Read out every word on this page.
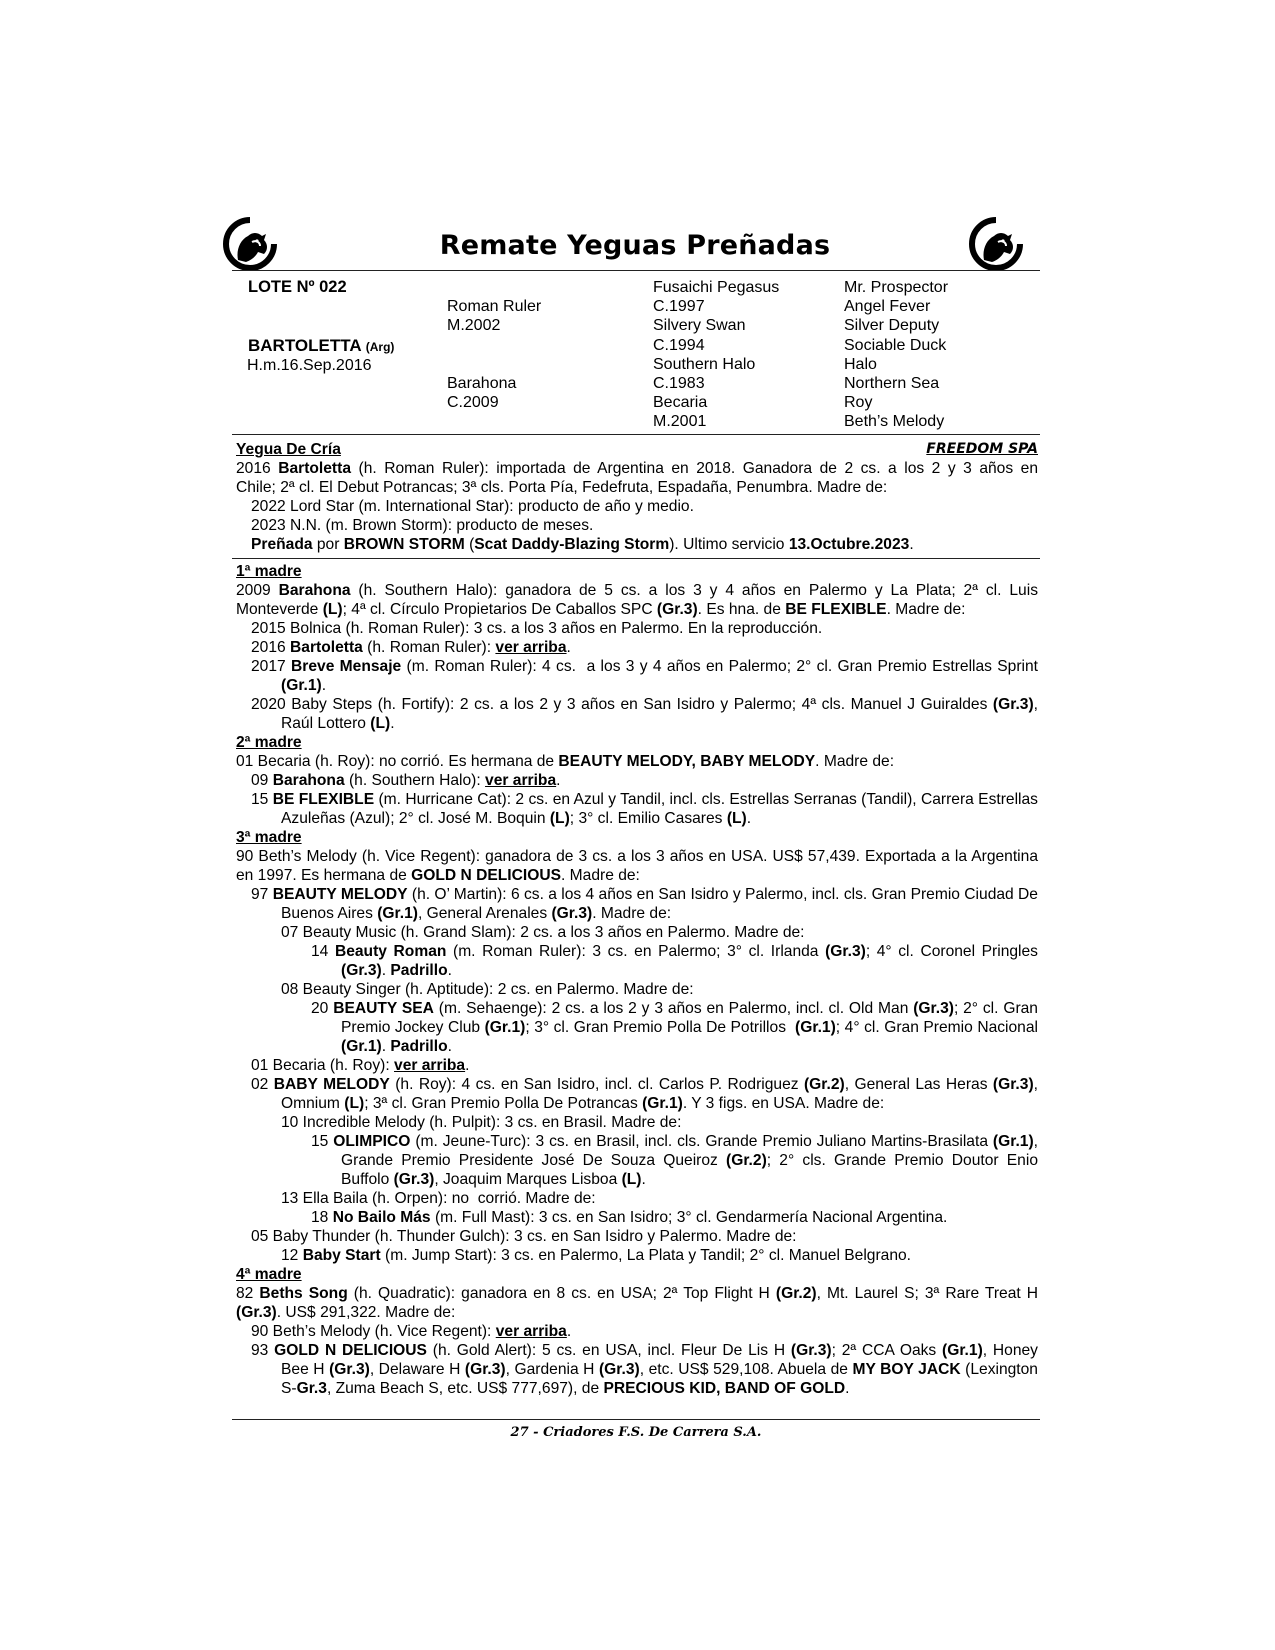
Remate Yeguas Preñadas
LOTE Nº 022
BARTOLETTA (Arg)
H.m.16.Sep.2016
Roman Ruler
M.2002
Barahona
C.2009
Fusaichi Pegasus
C.1997
Silvery Swan
C.1994
Southern Halo
C.1983
Becaria
M.2001
Mr. Prospector
Angel Fever
Silver Deputy
Sociable Duck
Halo
Northern Sea
Roy
Beth’s Melody
Yegua De Cría	FREEDOM SPA
2016 Bartoletta (h. Roman Ruler): importada de Argentina en 2018. Ganadora de 2 cs. a los 2 y 3 años en
Chile; 2ª cl. El Debut Potrancas; 3ª cls. Porta Pía, Fedefruta, Espadaña, Penumbra. Madre de:
2022 Lord Star (m. International Star): producto de año y medio.
2023 N.N. (m. Brown Storm): producto de meses.
Preñada por BROWN STORM (Scat Daddy-Blazing Storm). Ultimo servicio 13.Octubre.2023.
1ª madre
2009 Barahona (h. Southern Halo): ganadora de 5 cs. a los 3 y 4 años en Palermo y La Plata; 2ª cl. Luis
Monteverde (L); 4ª cl. Círculo Propietarios De Caballos SPC (Gr.3). Es hna. de BE FLEXIBLE. Madre de:
2015 Bolnica (h. Roman Ruler): 3 cs. a los 3 años en Palermo. En la reproducción.
2016 Bartoletta (h. Roman Ruler): ver arriba.
2017 Breve Mensaje (m. Roman Ruler): 4 cs.  a los 3 y 4 años en Palermo; 2° cl. Gran Premio Estrellas Sprint (Gr.1).
2020 Baby Steps (h. Fortify): 2 cs. a los 2 y 3 años en San Isidro y Palermo; 4ª cls. Manuel J Guiraldes (Gr.3), Raúl Lottero (L).
2ª madre
01 Becaria (h. Roy): no corrió. Es hermana de BEAUTY MELODY, BABY MELODY. Madre de:
09 Barahona (h. Southern Halo): ver arriba.
15 BE FLEXIBLE (m. Hurricane Cat): 2 cs. en Azul y Tandil, incl. cls. Estrellas Serranas (Tandil), Carrera Estrellas Azuleñas (Azul); 2° cl. José M. Boquin (L); 3° cl. Emilio Casares (L).
3ª madre
90 Beth’s Melody (h. Vice Regent): ganadora de 3 cs. a los 3 años en USA. US$ 57,439. Exportada a la Argentina en 1997. Es hermana de GOLD N DELICIOUS. Madre de:
97 BEAUTY MELODY (h. O’ Martin): 6 cs. a los 4 años en San Isidro y Palermo, incl. cls. Gran Premio Ciudad De Buenos Aires (Gr.1), General Arenales (Gr.3). Madre de:
07 Beauty Music (h. Grand Slam): 2 cs. a los 3 años en Palermo. Madre de:
14 Beauty Roman (m. Roman Ruler): 3 cs. en Palermo; 3° cl. Irlanda (Gr.3); 4° cl. Coronel Pringles (Gr.3). Padrillo.
08 Beauty Singer (h. Aptitude): 2 cs. en Palermo. Madre de:
20 BEAUTY SEA (m. Sehaenge): 2 cs. a los 2 y 3 años en Palermo, incl. cl. Old Man (Gr.3); 2° cl. Gran Premio Jockey Club (Gr.1); 3° cl. Gran Premio Polla De Potrillos  (Gr.1); 4° cl. Gran Premio Nacional (Gr.1). Padrillo.
01 Becaria (h. Roy): ver arriba.
02 BABY MELODY (h. Roy): 4 cs. en San Isidro, incl. cl. Carlos P. Rodriguez (Gr.2), General Las Heras (Gr.3), Omnium (L); 3ª cl. Gran Premio Polla De Potrancas (Gr.1). Y 3 figs. en USA. Madre de:
10 Incredible Melody (h. Pulpit): 3 cs. en Brasil. Madre de:
15 OLIMPICO (m. Jeune-Turc): 3 cs. en Brasil, incl. cls. Grande Premio Juliano Martins-Brasilata (Gr.1), Grande Premio Presidente José De Souza Queiroz (Gr.2); 2° cls. Grande Premio Doutor Enio Buffolo (Gr.3), Joaquim Marques Lisboa (L).
13 Ella Baila (h. Orpen): no  corrió. Madre de:
18 No Bailo Más (m. Full Mast): 3 cs. en San Isidro; 3° cl. Gendarmería Nacional Argentina.
05 Baby Thunder (h. Thunder Gulch): 3 cs. en San Isidro y Palermo. Madre de:
12 Baby Start (m. Jump Start): 3 cs. en Palermo, La Plata y Tandil; 2° cl. Manuel Belgrano.
4ª madre
82 Beths Song (h. Quadratic): ganadora en 8 cs. en USA; 2ª Top Flight H (Gr.2), Mt. Laurel S; 3ª Rare Treat H (Gr.3). US$ 291,322. Madre de:
90 Beth’s Melody (h. Vice Regent): ver arriba.
93 GOLD N DELICIOUS (h. Gold Alert): 5 cs. en USA, incl. Fleur De Lis H (Gr.3); 2ª CCA Oaks (Gr.1), Honey Bee H (Gr.3), Delaware H (Gr.3), Gardenia H (Gr.3), etc. US$ 529,108. Abuela de MY BOY JACK (Lexington S-Gr.3, Zuma Beach S, etc. US$ 777,697), de PRECIOUS KID, BAND OF GOLD.
27 - Criadores F.S. De Carrera S.A.
